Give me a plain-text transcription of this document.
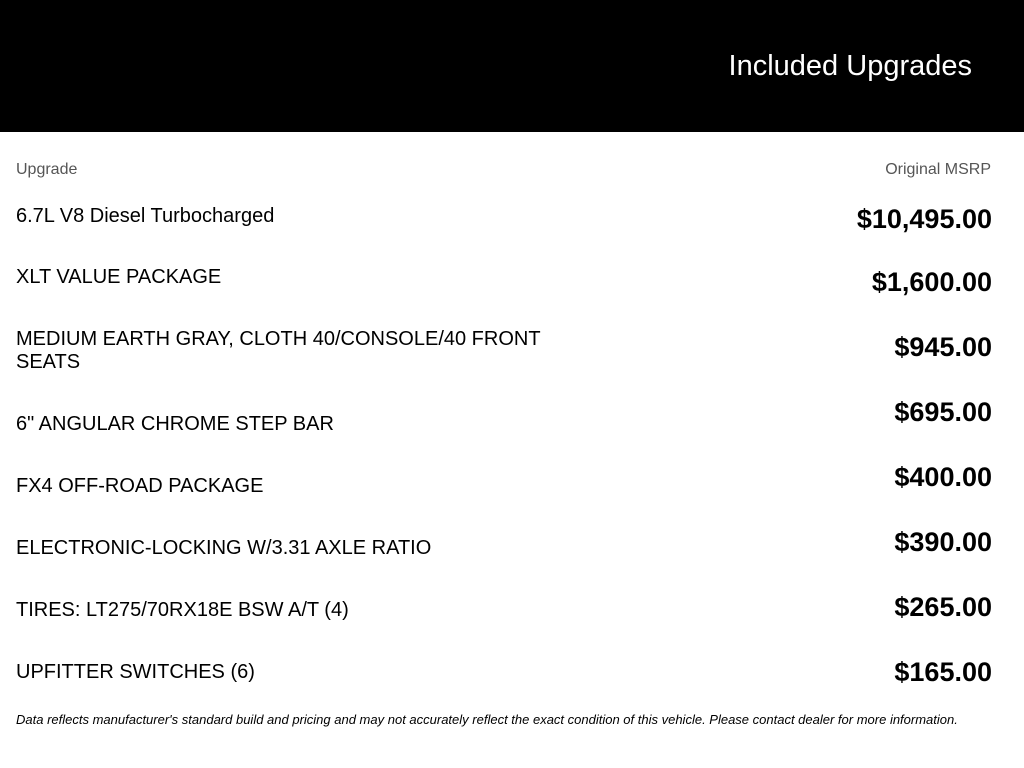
Included Upgrades
Upgrade	Original MSRP
6.7L V8 Diesel Turbocharged	$10,495.00
XLT VALUE PACKAGE	$1,600.00
MEDIUM EARTH GRAY, CLOTH 40/CONSOLE/40 FRONT SEATS	$945.00
6" ANGULAR CHROME STEP BAR	$695.00
FX4 OFF-ROAD PACKAGE	$400.00
ELECTRONIC-LOCKING W/3.31 AXLE RATIO	$390.00
TIRES: LT275/70RX18E BSW A/T (4)	$265.00
UPFITTER SWITCHES (6)	$165.00
Data reflects manufacturer's standard build and pricing and may not accurately reflect the exact condition of this vehicle. Please contact dealer for more information.
